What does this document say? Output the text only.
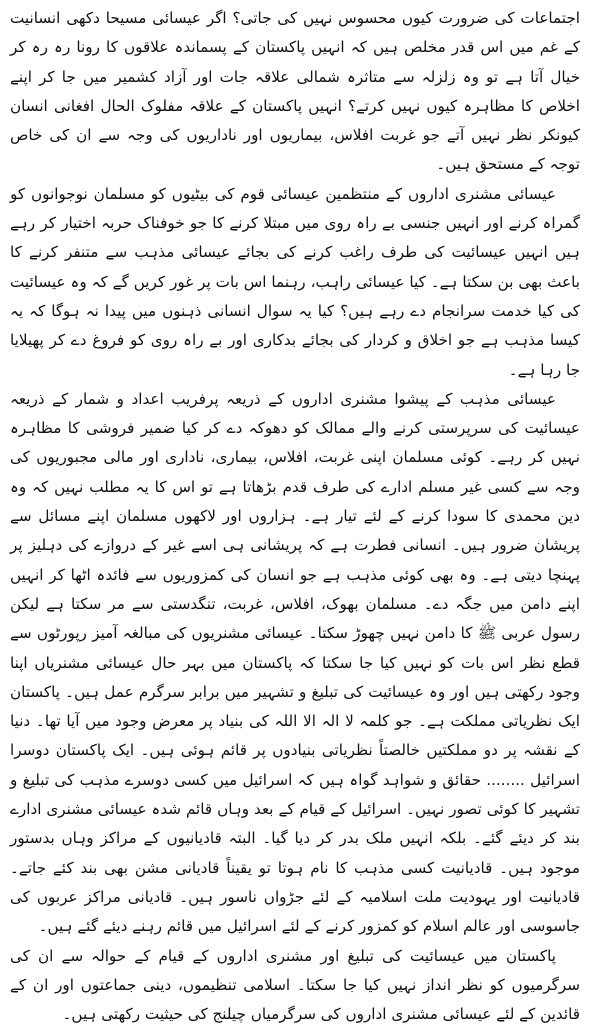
اجتماعات کی ضرورت کیوں محسوس نہیں کی جاتی؟ اگر عیسائی مسیحا دکھی انسانیت کے غم میں اس قدر مخلص ہیں کہ انہیں پاکستان کے پسماندہ علاقوں کا رونا رہ رہ کر خیال آتا ہے تو وہ زلزلہ سے متاثرہ شمالی علاقہ جات اور آزاد کشمیر میں جا کر اپنے اخلاص کا مظاہرہ کیوں نہیں کرتے؟ انہیں پاکستان کے علاقہ مفلوک الحال افغانی انسان کیونکر نظر نہیں آتے جو غربت افلاس، بیماریوں اور ناداریوں کی وجہ سے ان کی خاص توجہ کے مستحق ہیں۔

عیسائی مشنری اداروں کے منتظمین عیسائی قوم کی بیٹیوں کو مسلمان نوجوانوں کو گمراہ کرنے اور انہیں جنسی بے راہ روی میں مبتلا کرنے کا جو خوفناک حربہ اختیار کر رہے ہیں انہیں عیسائیت کی طرف راغب کرنے کی بجائے عیسائی مذہب سے متنفر کرنے کا باعث بھی بن سکتا ہے۔ کیا عیسائی راہب، رہنما اس بات پر غور کریں گے کہ وہ عیسائیت کی کیا خدمت سرانجام دے رہے ہیں؟ کیا یہ سوال انسانی ذہنوں میں پیدا نہ ہوگا کہ یہ کیسا مذہب ہے جو اخلاق و کردار کی بجائے بدکاری اور بے راہ روی کو فروغ دے کر پھیلایا جا رہا ہے۔

عیسائی مذہب کے پیشوا مشنری اداروں کے ذریعہ پرفریب اعداد و شمار کے ذریعہ عیسائیت کی سرپرستی کرنے والے ممالک کو دھوکہ دے کر کیا ضمیر فروشی کا مظاہرہ نہیں کر رہے۔ کوئی مسلمان اپنی غربت، افلاس، بیماری، ناداری اور مالی مجبوریوں کی وجہ سے کسی غیر مسلم ادارے کی طرف قدم بڑھاتا ہے تو اس کا یہ مطلب نہیں کہ وہ دین محمدی کا سودا کرنے کے لئے تیار ہے۔ ہزاروں اور لاکھوں مسلمان اپنے مسائل سے پریشان ضرور ہیں۔ انسانی فطرت ہے کہ پریشانی ہی اسے غیر کے دروازے کی دہلیز پر پہنچا دیتی ہے۔ وہ بھی کوئی مذہب ہے جو انسان کی کمزوریوں سے فائدہ اٹھا کر انہیں اپنے دامن میں جگہ دے۔ مسلمان بھوک، افلاس، غربت، تنگدستی سے مر سکتا ہے لیکن رسول عربی ﷺ کا دامن نہیں چھوڑ سکتا۔ عیسائی مشنریوں کی مبالغہ آمیز رپورٹوں سے قطع نظر اس بات کو نہیں کیا جا سکتا کہ پاکستان میں بہر حال عیسائی مشنریاں اپنا وجود رکھتی ہیں اور وہ عیسائیت کی تبلیغ و تشہیر میں برابر سرگرم عمل ہیں۔ پاکستان ایک نظریاتی مملکت ہے۔ جو کلمہ لا الہ الا اللہ کی بنیاد پر معرض وجود میں آیا تھا۔ دنیا کے نقشہ پر دو مملکتیں خالصتاً نظریاتی بنیادوں پر قائم ہوئی ہیں۔ ایک پاکستان دوسرا اسرائیل ........ حقائق و شواہد گواہ ہیں کہ اسرائیل میں کسی دوسرے مذہب کی تبلیغ و تشہیر کا کوئی تصور نہیں۔ اسرائیل کے قیام کے بعد وہاں قائم شدہ عیسائی مشنری ادارے بند کر دیئے گئے۔ بلکہ انہیں ملک بدر کر دیا گیا۔ البتہ قادیانیوں کے مراکز وہاں بدستور موجود ہیں۔ قادیانیت کسی مذہب کا نام ہوتا تو یقیناً قادیانی مشن بھی بند کئے جاتے۔ قادیانیت اور یہودیت ملت اسلامیہ کے لئے جڑواں ناسور ہیں۔ قادیانی مراکز عربوں کی جاسوسی اور عالم اسلام کو کمزور کرنے کے لئے اسرائیل میں قائم رہنے دیئے گئے ہیں۔

پاکستان میں عیسائیت کی تبلیغ اور مشنری اداروں کے قیام کے حوالہ سے ان کی سرگرمیوں کو نظر انداز نہیں کیا جا سکتا۔ اسلامی تنظیموں، دینی جماعتوں اور ان کے قائدین کے لئے عیسائی مشنری اداروں کی سرگرمیاں چیلنج کی حیثیت رکھتی ہیں۔
